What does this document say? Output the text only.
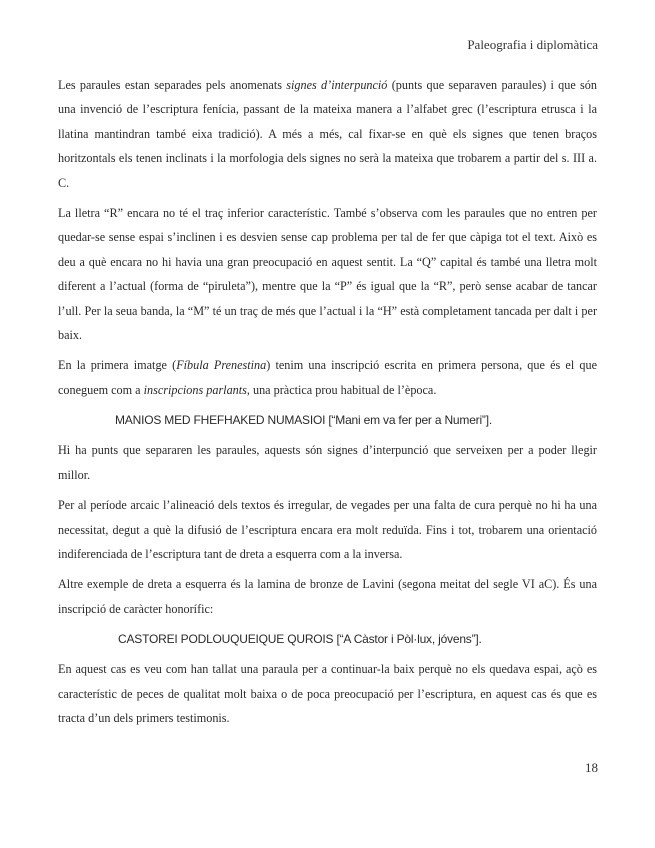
Paleografia i diplomàtica

Les paraules estan separades pels anomenats signes d’interpunció (punts que separaven paraules) i que són una invenció de l’escriptura fenícia, passant de la mateixa manera a l’alfabet grec (l’escriptura etrusca i la llatina mantindran també eixa tradició). A més a més, cal fixar-se en què els signes que tenen braços horitzontals els tenen inclinats i la morfologia dels signes no serà la mateixa que trobarem a partir del s. III a. C.

La lletra “R” encara no té el traç inferior característic. També s’observa com les paraules que no entren per quedar-se sense espai s’inclinen i es desvien sense cap problema per tal de fer que càpiga tot el text. Això es deu a què encara no hi havia una gran preocupació en aquest sentit. La “Q” capital és també una lletra molt diferent a l’actual (forma de “piruleta”), mentre que la “P” és igual que la “R”, però sense acabar de tancar l’ull. Per la seua banda, la “M” té un traç de més que l’actual i la “H” està completament tancada per dalt i per baix.

En la primera imatge (Fíbula Prenestina) tenim una inscripció escrita en primera persona, que és el que coneguem com a inscripcions parlants, una pràctica prou habitual de l’època.

MANIOS MED FHEFHAKED NUMASIOI [“Mani em va fer per a Numeri”].

Hi ha punts que separaren les paraules, aquests són signes d’interpunció que serveixen per a poder llegir millor.

Per al període arcaic l’alineació dels textos és irregular, de vegades per una falta de cura perquè no hi ha una necessitat, degut a què la difusió de l’escriptura encara era molt reduïda. Fins i tot, trobarem una orientació indiferenciada de l’escriptura tant de dreta a esquerra com a la inversa.

Altre exemple de dreta a esquerra és la lamina de bronze de Lavini (segona meitat del segle VI aC). És una inscripció de caràcter honorífic:

CASTOREI PODLOUQUEIQUE QUROIS [“A Càstor i Pòl·lux, jóvens”].

En aquest cas es veu com han tallat una paraula per a continuar-la baix perquè no els quedava espai, açò es característic de peces de qualitat molt baixa o de poca preocupació per l’escriptura, en aquest cas és que es tracta d’un dels primers testimonis.

18
